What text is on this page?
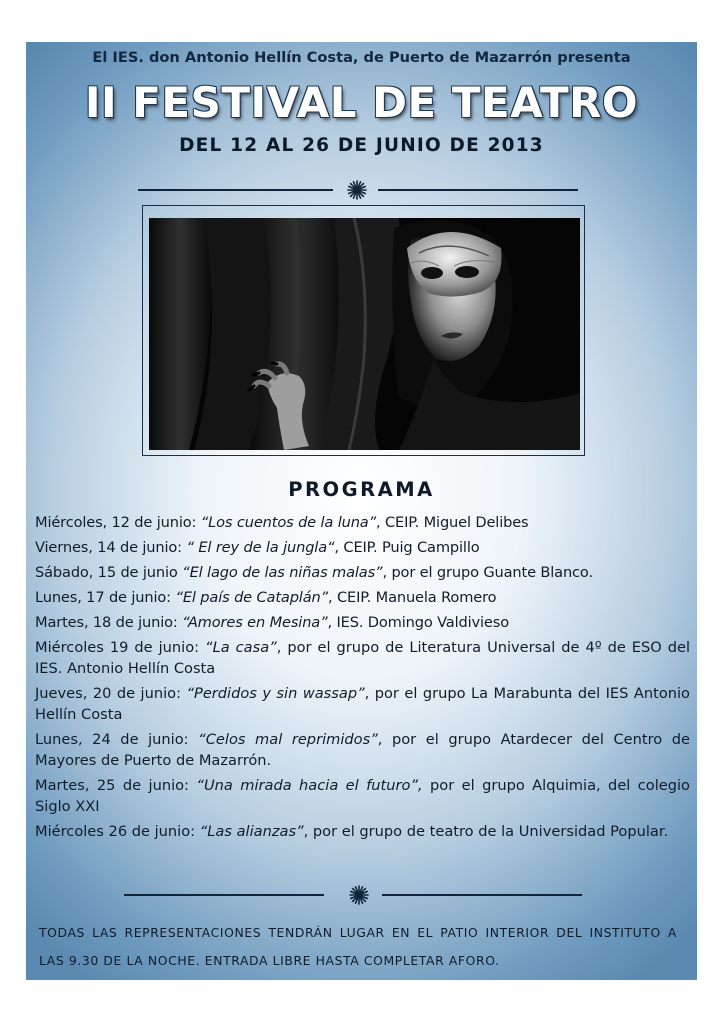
El IES. don Antonio Hellín Costa, de Puerto de Mazarrón presenta
II FESTIVAL DE TEATRO
DEL 12 AL 26 DE JUNIO DE 2013
PROGRAMA
Miércoles, 12 de junio: “Los cuentos de la luna”, CEIP. Miguel Delibes
Viernes, 14 de junio: “ El rey de la jungla“, CEIP. Puig Campillo
Sábado, 15 de junio “El lago de las niñas malas”, por el grupo Guante Blanco.
Lunes, 17 de junio: “El país de Cataplán”, CEIP. Manuela Romero
Martes, 18 de junio: “Amores en Mesina”, IES. Domingo Valdivieso
Miércoles 19 de junio: “La casa”, por el grupo de Literatura Universal de 4º de ESO del IES. Antonio Hellín Costa
Jueves, 20 de junio: “Perdidos y sin wassap”, por el grupo La Marabunta del IES Antonio Hellín Costa
Lunes, 24 de junio: “Celos mal reprimidos”, por el grupo Atardecer del Centro de Mayores de Puerto de Mazarrón.
Martes, 25 de junio: “Una mirada hacia el futuro”, por el grupo Alquimia, del colegio Siglo XXI
Miércoles 26 de junio: “Las alianzas”, por el grupo de teatro de la Universidad Popular.

TODAS LAS REPRESENTACIONES TENDRÁN LUGAR EN EL PATIO INTERIOR DEL INSTITUTO A LAS 9.30 DE LA NOCHE. ENTRADA LIBRE HASTA COMPLETAR AFORO.
